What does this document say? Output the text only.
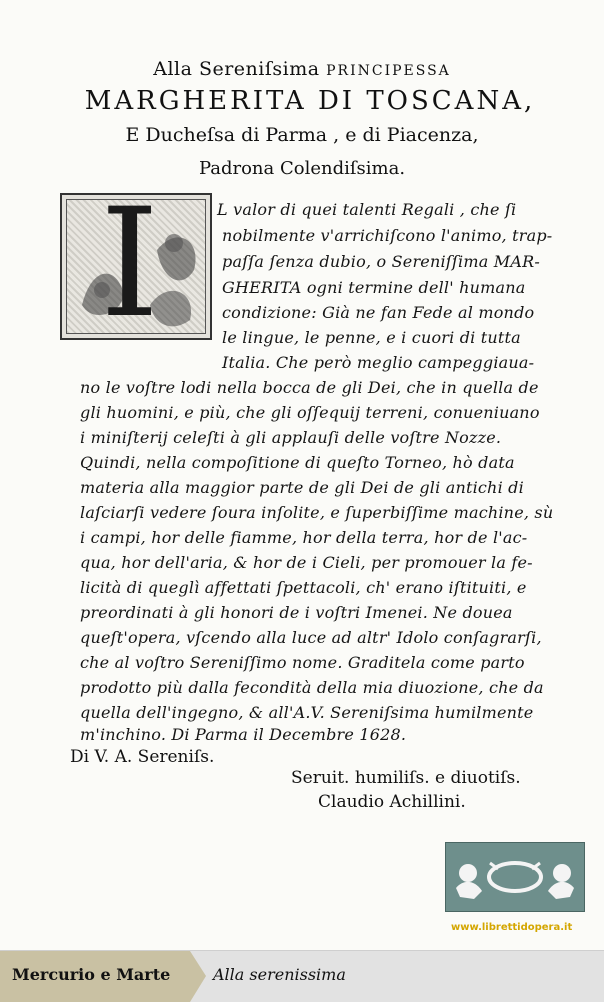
Alla Sereniſsima PRINCIPESSA
MARGHERITA DI TOSCANA,
E Ducheſsa di Parma , e di Piacenza,
Padrona Colendiſsima.
I	L valor di quei talenti Regali , che ſi
nobilmente v'arrichiſcono l'animo, trap-
paſſa ſenza dubio, o Sereniſſima MAR-
GHERITA ogni termine dell' humana
condizione: Già ne fan Fede al mondo
le lingue, le penne, e i cuori di tutta
Italia. Che però meglio campeggiaua-
no le voſtre lodi nella bocca de gli Dei, che in quella de
gli huomini, e più, che gli oſſequij terreni, conueniuano
i miniſterij celeſti à gli applauſi delle voſtre Nozze.
Quindi, nella compoſitione di queſto Torneo, hò data
materia alla maggior parte de gli Dei de gli antichi di
laſciarſi vedere ſoura inſolite, e ſuperbiſſime machine, sù
i campi, hor delle fiamme, hor della terra, hor de l'ac-
qua, hor dell'aria, & hor de i Cieli, per promouer la fe-
licità di queglì affettati ſpettacoli, ch' erano iſtituiti, e
preordinati à gli honori de i voſtri Imenei. Ne douea
queſt'opera, vſcendo alla luce ad altr' Idolo conſagrarſi,
che al voſtro Sereniſſimo nome. Graditela come parto
prodotto più dalla fecondità della mia diuozione, che da
quella dell'ingegno, & all'A.V. Sereniſsima humilmente
m'inchino. Di Parma il Decembre 1628.
Di V. A. Sereniſs.
Seruit. humiliſs. e diuotiſs.
Claudio Achillini.
www.librettidopera.it
Mercurio e Marte	Alla serenissima
